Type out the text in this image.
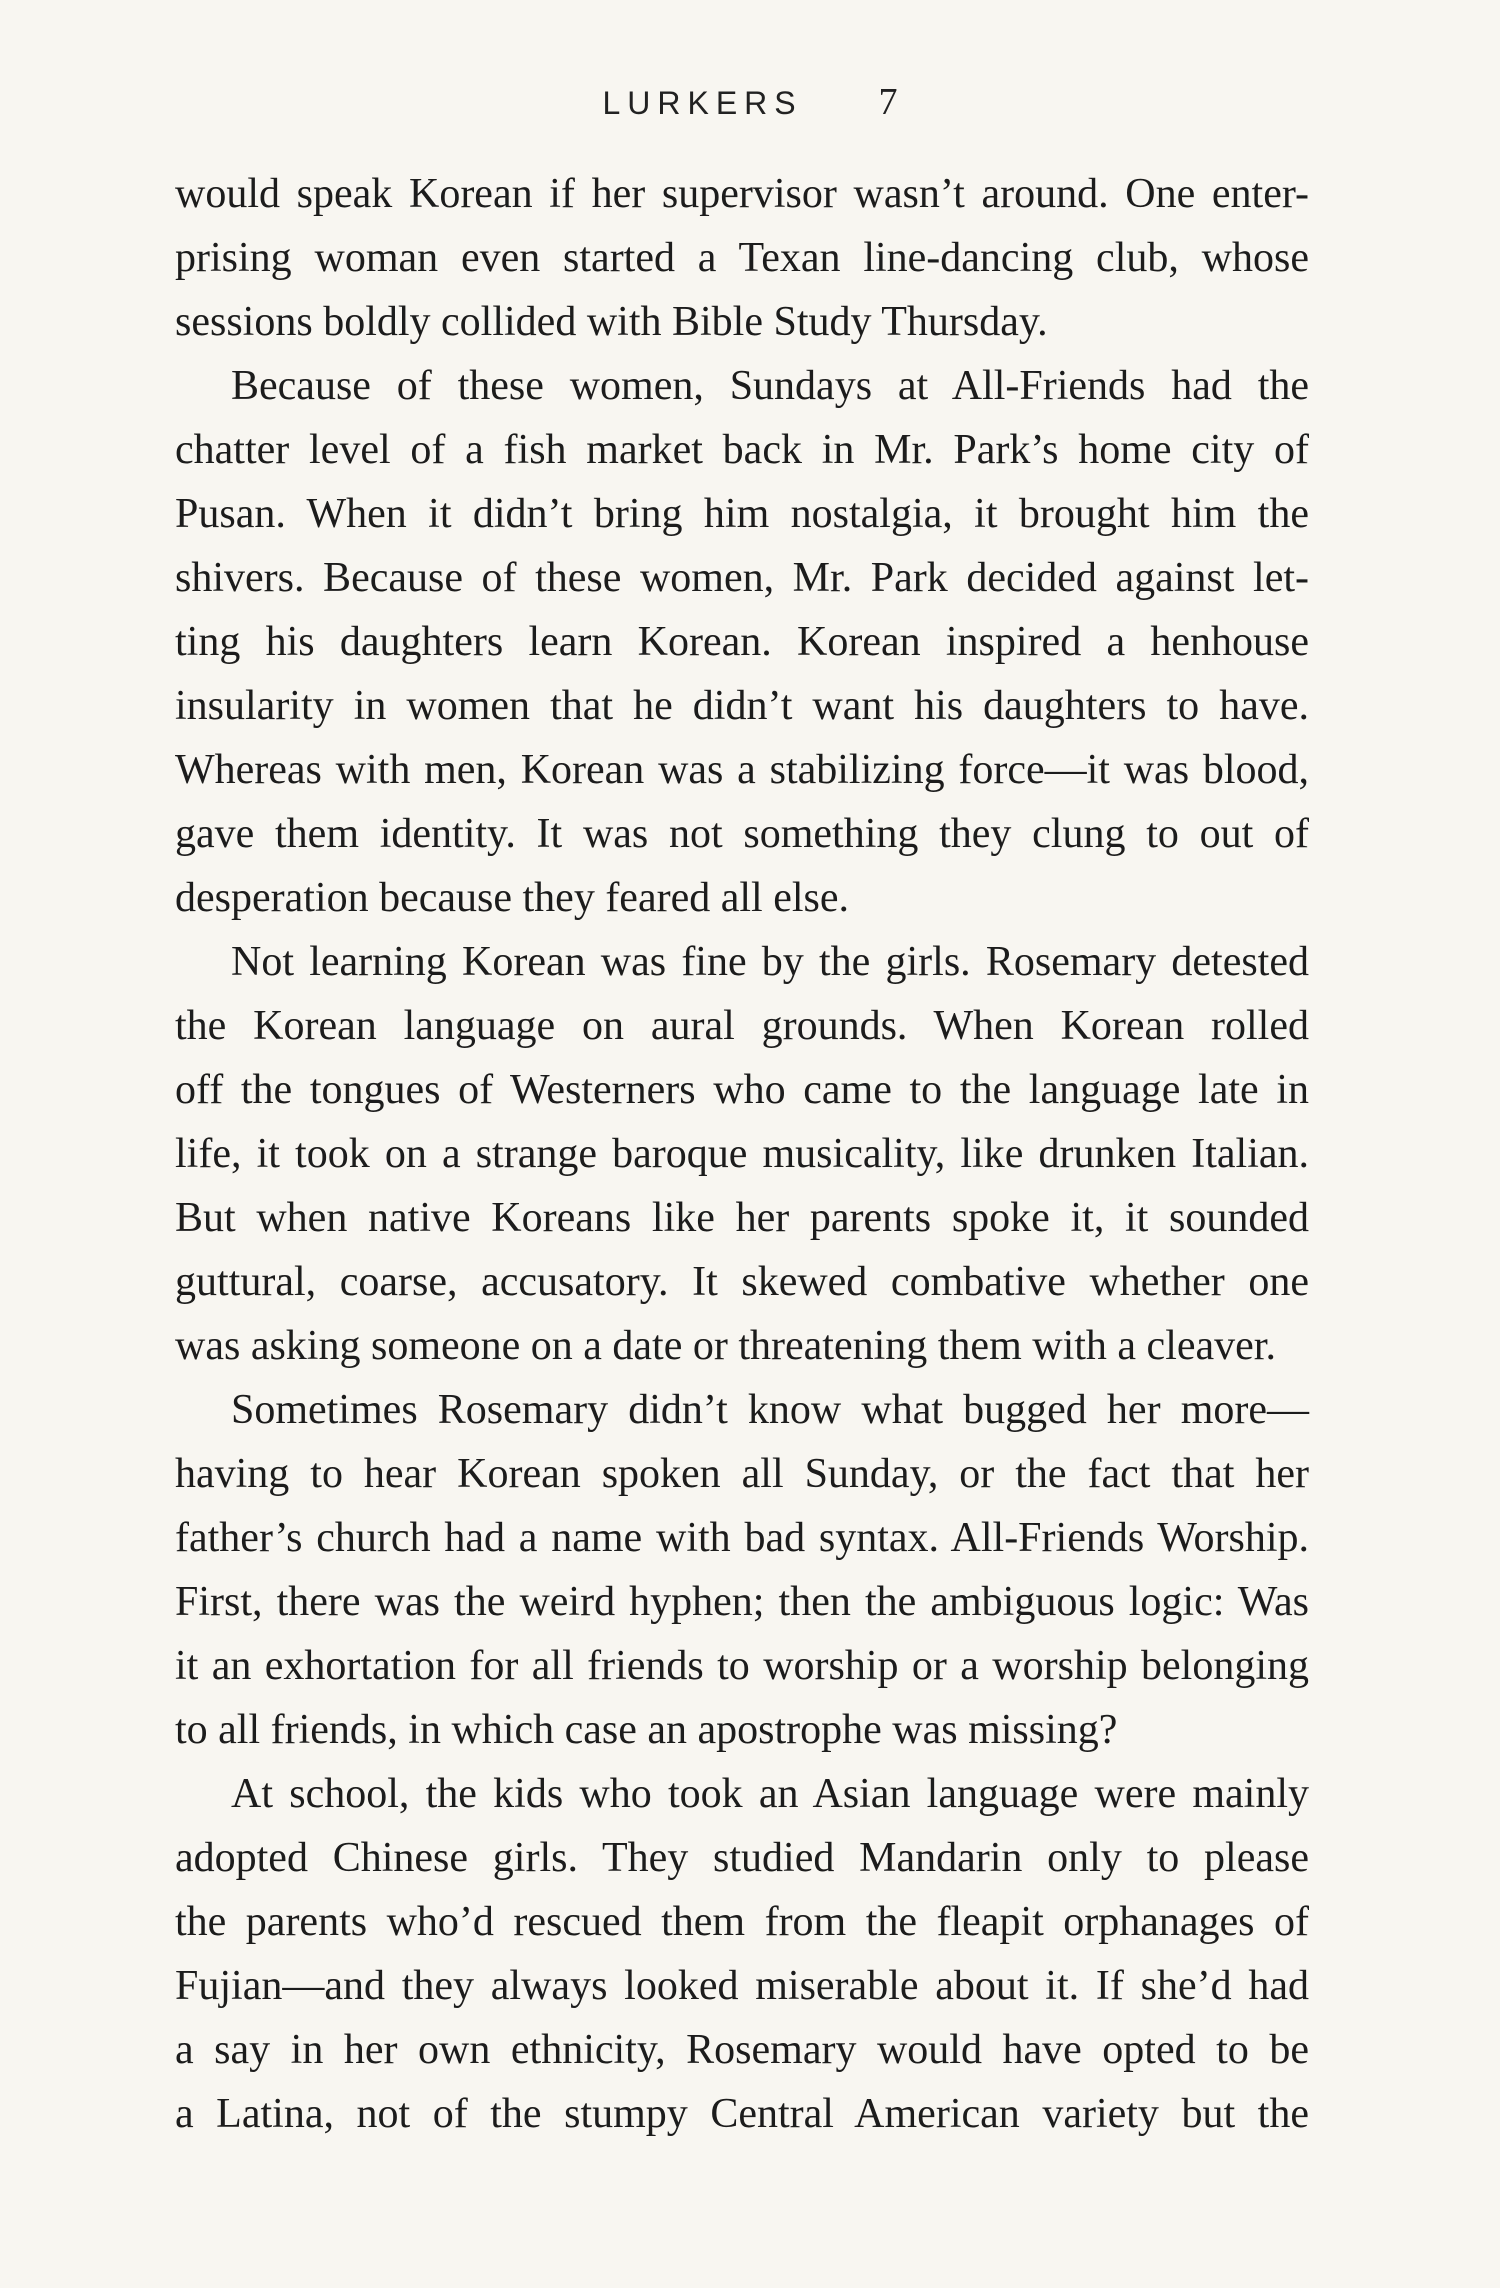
LURKERS 7
would speak Korean if her supervisor wasn’t around. One enter-
prising woman even started a Texan line-dancing club, whose
sessions boldly collided with Bible Study Thursday.
Because of these women, Sundays at All-Friends had the
chatter level of a fish market back in Mr. Park’s home city of
Pusan. When it didn’t bring him nostalgia, it brought him the
shivers. Because of these women, Mr. Park decided against let-
ting his daughters learn Korean. Korean inspired a henhouse
insularity in women that he didn’t want his daughters to have.
Whereas with men, Korean was a stabilizing force—it was blood,
gave them identity. It was not something they clung to out of
desperation because they feared all else.
Not learning Korean was fine by the girls. Rosemary detested
the Korean language on aural grounds. When Korean rolled
off the tongues of Westerners who came to the language late in
life, it took on a strange baroque musicality, like drunken Italian.
But when native Koreans like her parents spoke it, it sounded
guttural, coarse, accusatory. It skewed combative whether one
was asking someone on a date or threatening them with a cleaver.
Sometimes Rosemary didn’t know what bugged her more—
having to hear Korean spoken all Sunday, or the fact that her
father’s church had a name with bad syntax. All-Friends Worship.
First, there was the weird hyphen; then the ambiguous logic: Was
it an exhortation for all friends to worship or a worship belonging
to all friends, in which case an apostrophe was missing?
At school, the kids who took an Asian language were mainly
adopted Chinese girls. They studied Mandarin only to please
the parents who’d rescued them from the fleapit orphanages of
Fujian—and they always looked miserable about it. If she’d had
a say in her own ethnicity, Rosemary would have opted to be
a Latina, not of the stumpy Central American variety but the
